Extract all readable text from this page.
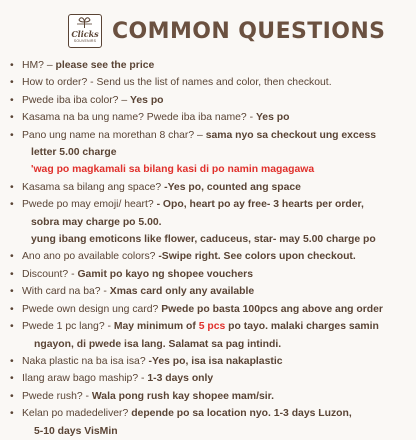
Clicks
SOUVENIRS COMMON QUESTIONS
• HM? – please see the price
• How to order? - Send us the list of names and color, then checkout.
• Pwede iba iba color? – Yes po
• Kasama na ba ung name? Pwede iba iba name? - Yes po
• Pano ung name na morethan 8 char? – sama nyo sa checkout ung excess
letter 5.00 charge
'wag po magkamali sa bilang kasi di po namin magagawa
• Kasama sa bilang ang space? -Yes po, counted ang space
• Pwede po may emoji/ heart? - Opo, heart po ay free- 3 hearts per order,
sobra may charge po 5.00.
yung ibang emoticons like flower, caduceus, star- may 5.00 charge po
• Ano ano po available colors? -Swipe right. See colors upon checkout.
• Discount? - Gamit po kayo ng shopee vouchers
• With card na ba? - Xmas card only any available
• Pwede own design ung card? Pwede po basta 100pcs ang above ang order
• Pwede 1 pc lang? - May minimum of 5 pcs po tayo. malaki charges samin
ngayon, di pwede isa lang. Salamat sa pag intindi.
• Naka plastic na ba isa isa? -Yes po, isa isa nakaplastic
• Ilang araw bago maship? - 1-3 days only
• Pwede rush? - Wala pong rush kay shopee mam/sir.
• Kelan po madedeliver? depende po sa location nyo. 1-3 days Luzon,
5-10 days VisMin
